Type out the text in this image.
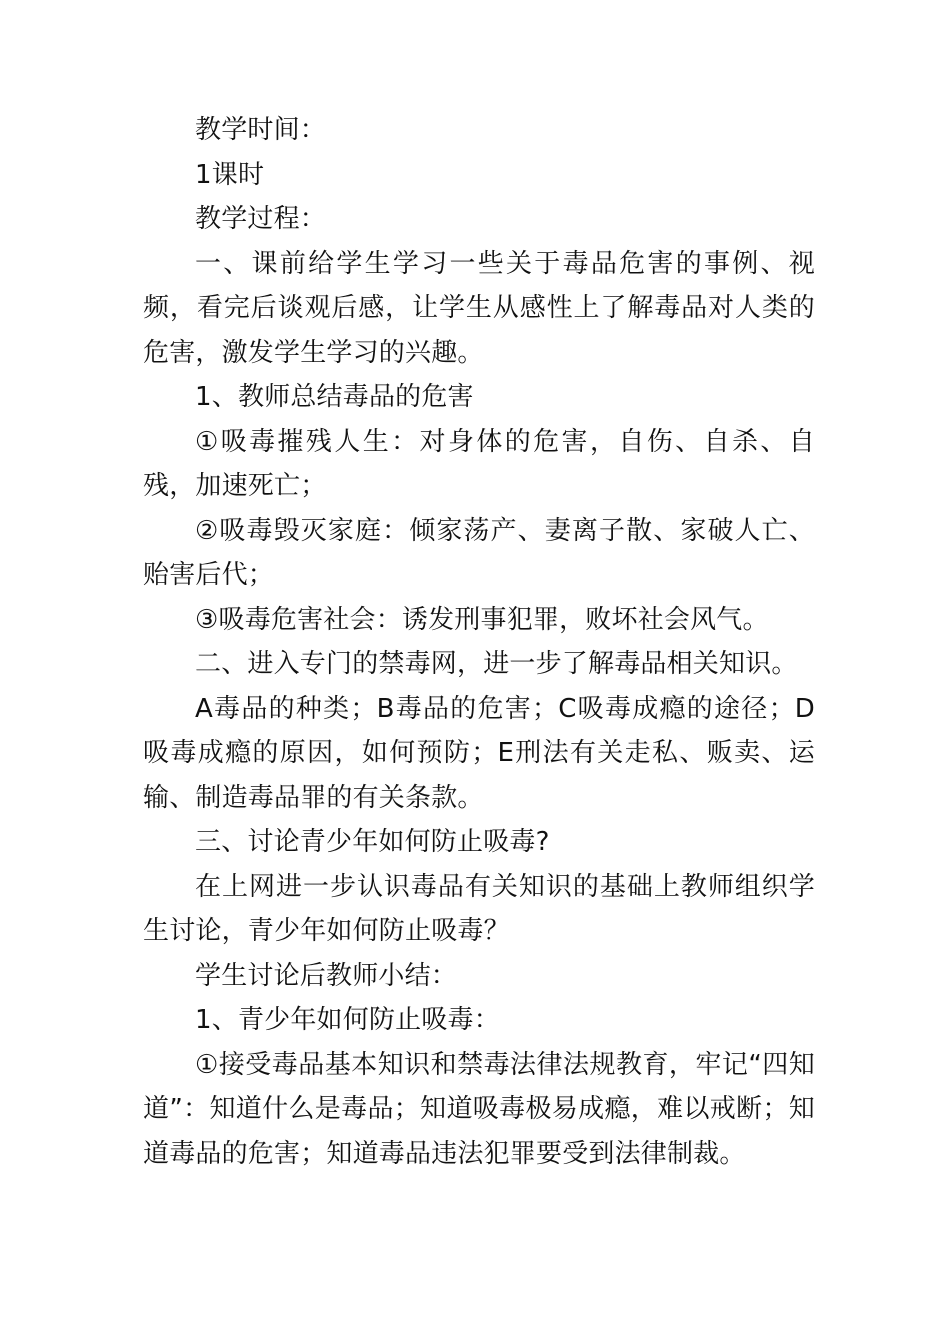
教学时间：

1课时

教学过程：

一、课前给学生学习一些关于毒品危害的事例、视频，看完后谈观后感，让学生从感性上了解毒品对人类的危害，激发学生学习的兴趣。

1、教师总结毒品的危害

①吸毒摧残人生：对身体的危害，自伤、自杀、自残，加速死亡；

②吸毒毁灭家庭：倾家荡产、妻离子散、家破人亡、贻害后代；

③吸毒危害社会：诱发刑事犯罪，败坏社会风气。

二、进入专门的禁毒网，进一步了解毒品相关知识。

A毒品的种类；B毒品的危害；C吸毒成瘾的途径；D吸毒成瘾的原因，如何预防；E刑法有关走私、贩卖、运输、制造毒品罪的有关条款。

三、讨论青少年如何防止吸毒?

在上网进一步认识毒品有关知识的基础上教师组织学生讨论，青少年如何防止吸毒？

学生讨论后教师小结：

1、青少年如何防止吸毒：

①接受毒品基本知识和禁毒法律法规教育，牢记“四知道”：知道什么是毒品；知道吸毒极易成瘾，难以戒断；知道毒品的危害；知道毒品违法犯罪要受到法律制裁。
